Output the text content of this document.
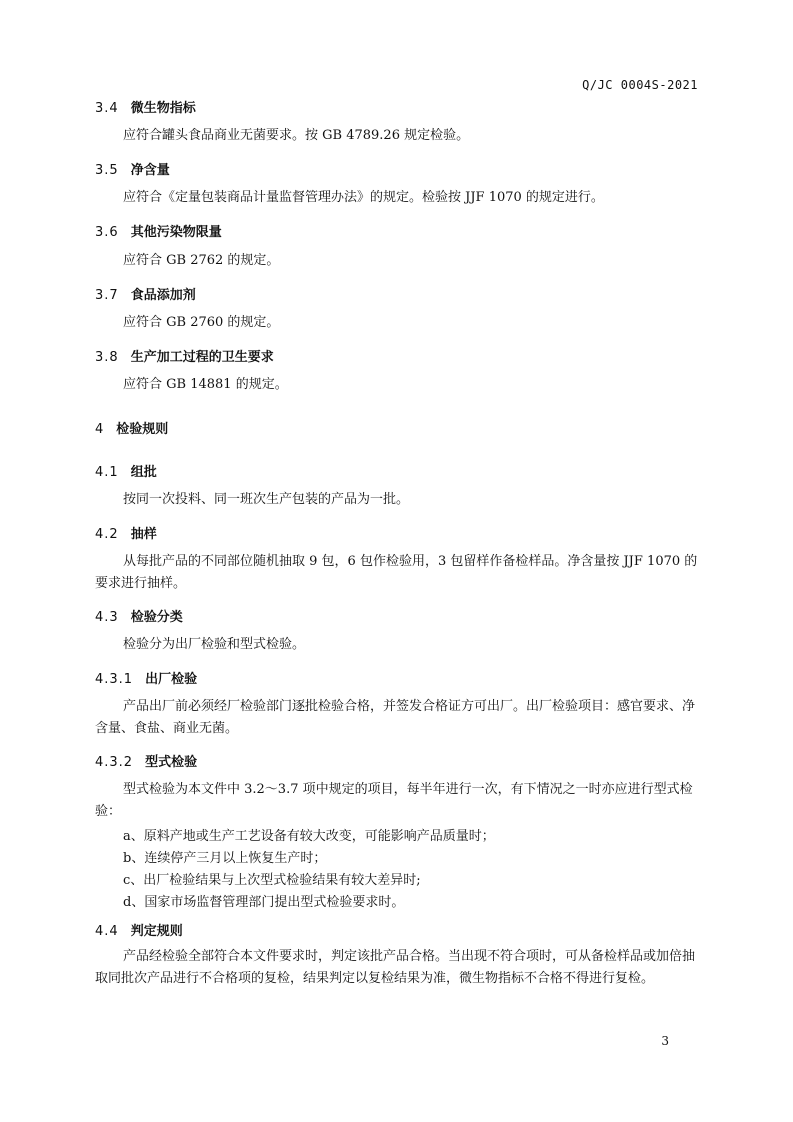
Q/JC 0004S-2021
3.4 微生物指标
应符合罐头食品商业无菌要求。按 GB 4789.26 规定检验。
3.5 净含量
应符合《定量包装商品计量监督管理办法》的规定。检验按 JJF 1070 的规定进行。
3.6 其他污染物限量
应符合 GB 2762 的规定。
3.7 食品添加剂
应符合 GB 2760 的规定。
3.8 生产加工过程的卫生要求
应符合 GB 14881 的规定。
4 检验规则
4.1 组批
按同一次投料、同一班次生产包装的产品为一批。
4.2 抽样
从每批产品的不同部位随机抽取 9 包，6 包作检验用，3 包留样作备检样品。净含量按 JJF 1070 的要求进行抽样。
4.3 检验分类
检验分为出厂检验和型式检验。
4.3.1 出厂检验
产品出厂前必须经厂检验部门逐批检验合格，并签发合格证方可出厂。出厂检验项目：感官要求、净含量、食盐、商业无菌。
4.3.2 型式检验
型式检验为本文件中 3.2～3.7 项中规定的项目，每半年进行一次，有下情况之一时亦应进行型式检验：
a、原料产地或生产工艺设备有较大改变，可能影响产品质量时；
b、连续停产三月以上恢复生产时；
c、出厂检验结果与上次型式检验结果有较大差异时;
d、国家市场监督管理部门提出型式检验要求时。
4.4 判定规则
产品经检验全部符合本文件要求时，判定该批产品合格。当出现不符合项时，可从备检样品或加倍抽取同批次产品进行不合格项的复检，结果判定以复检结果为准，微生物指标不合格不得进行复检。
3
